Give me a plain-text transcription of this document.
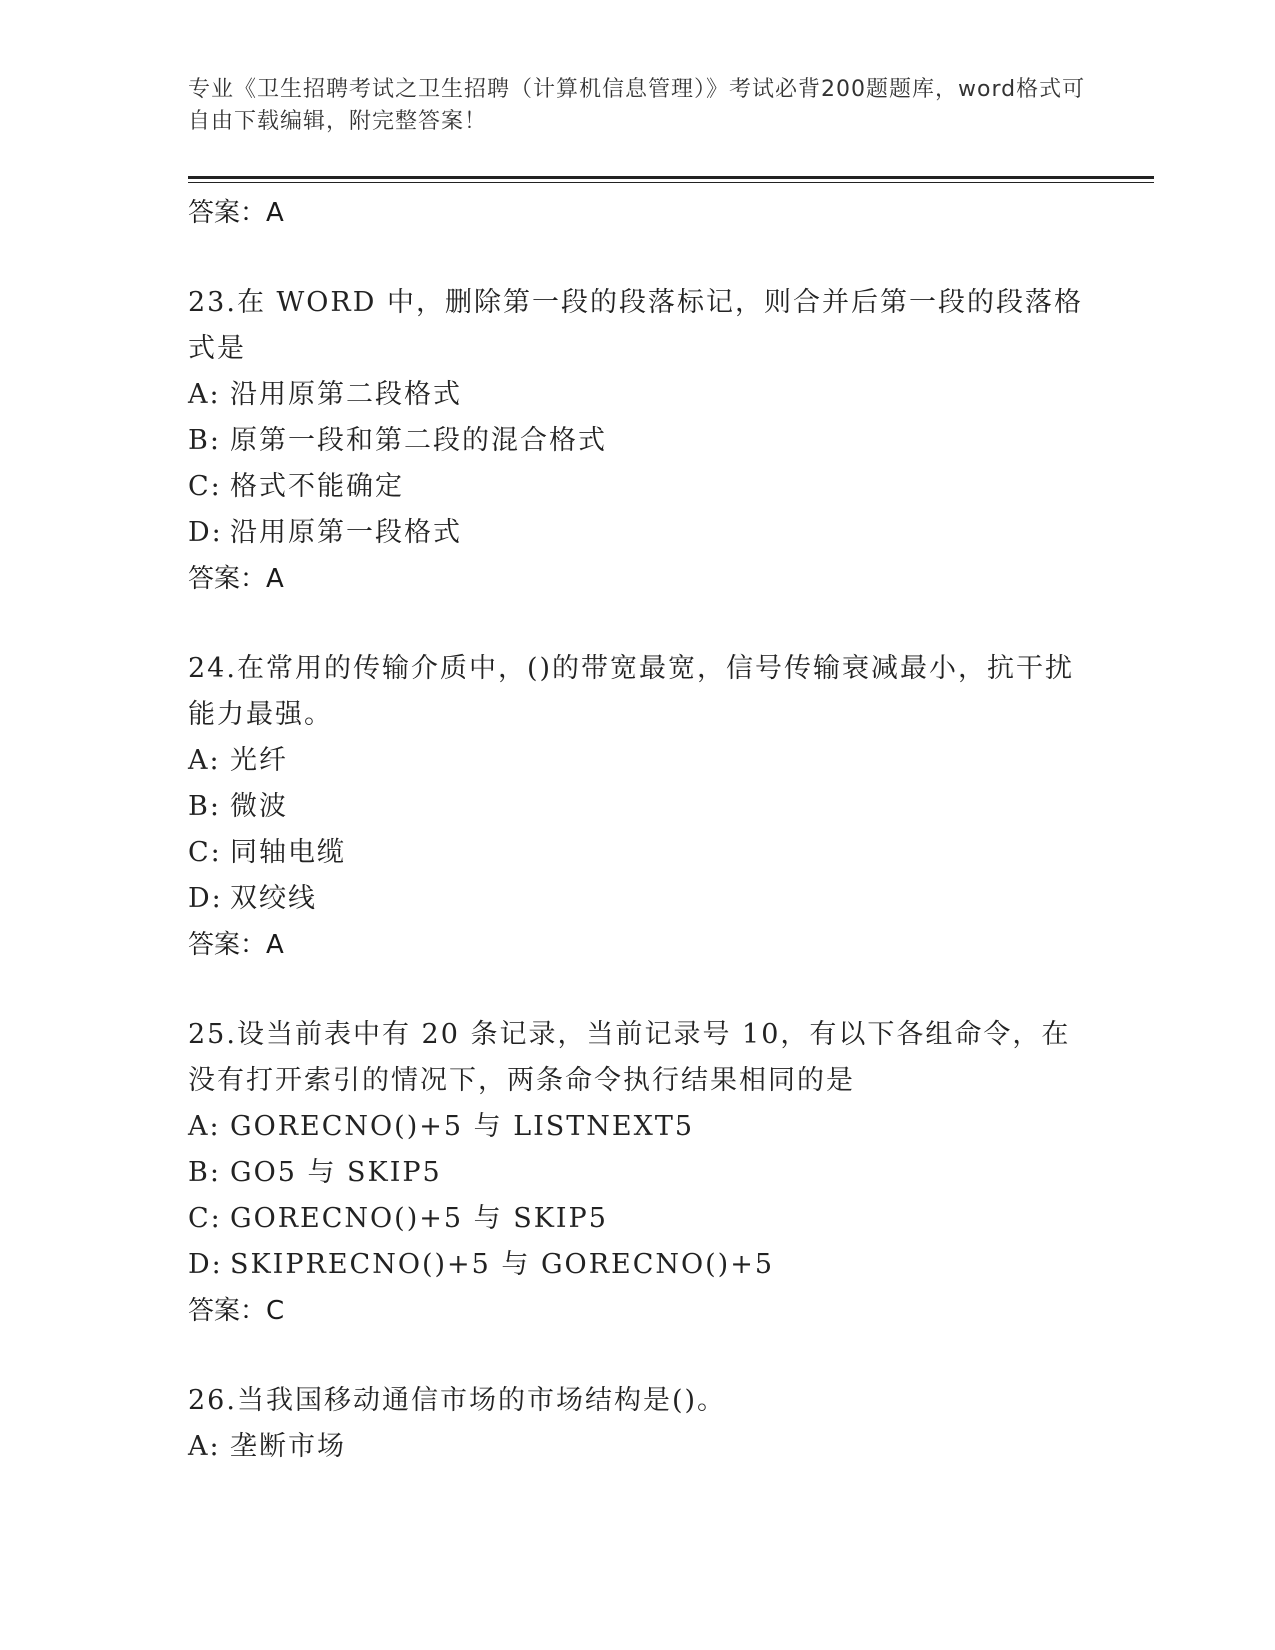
专业《卫生招聘考试之卫生招聘（计算机信息管理）》考试必背200题题库，word格式可自由下载编辑，附完整答案！
答案：A
23.在 WORD 中，删除第一段的段落标记，则合并后第一段的段落格式是
A: 沿用原第二段格式
B: 原第一段和第二段的混合格式
C: 格式不能确定
D: 沿用原第一段格式
答案：A
24.在常用的传输介质中，()的带宽最宽，信号传输衰减最小，抗干扰能力最强。
A: 光纤
B: 微波
C: 同轴电缆
D: 双绞线
答案：A
25.设当前表中有 20 条记录，当前记录号 10，有以下各组命令，在没有打开索引的情况下，两条命令执行结果相同的是
A: GORECNO()+5 与 LISTNEXT5
B: GO5 与 SKIP5
C: GORECNO()+5 与 SKIP5
D: SKIPRECNO()+5 与 GORECNO()+5
答案：C
26.当我国移动通信市场的市场结构是()。
A: 垄断市场
